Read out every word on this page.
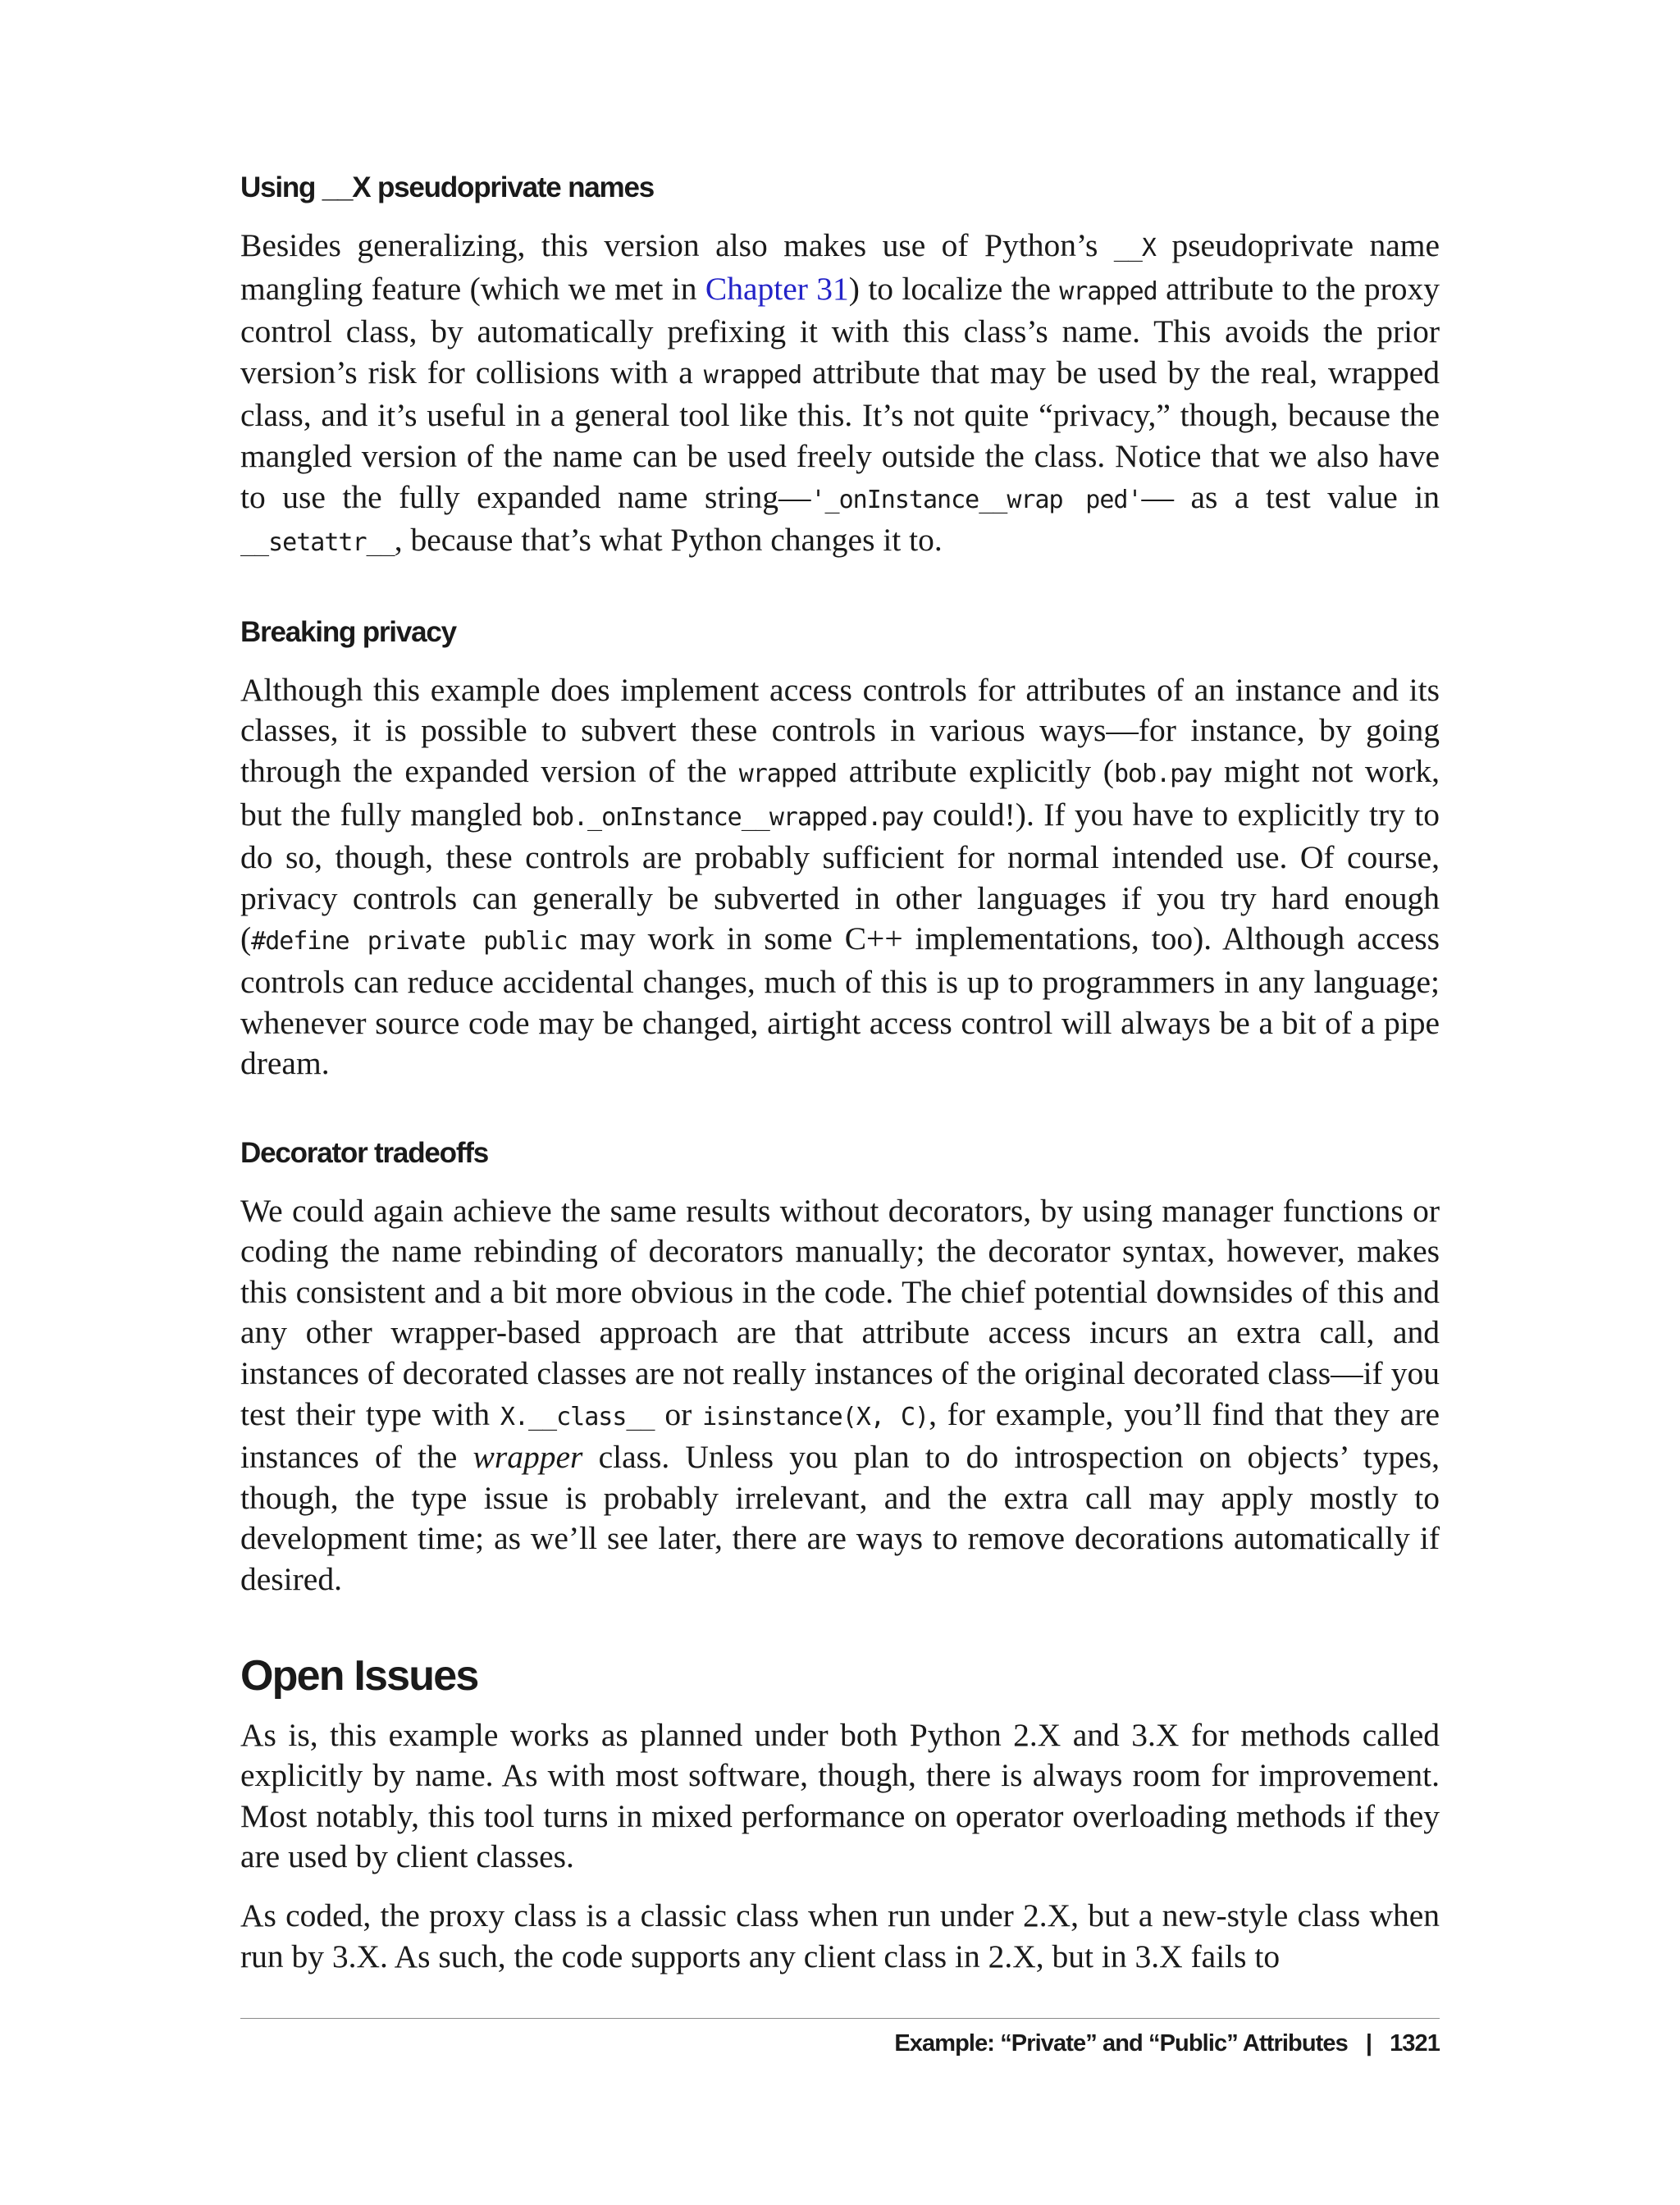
Using __X pseudoprivate names

Besides generalizing, this version also makes use of Python’s __X pseudoprivate name mangling feature (which we met in Chapter 31) to localize the wrapped attribute to the proxy control class, by automatically prefixing it with this class’s name. This avoids the prior version’s risk for collisions with a wrapped attribute that may be used by the real, wrapped class, and it’s useful in a general tool like this. It’s not quite “privacy,” though, because the mangled version of the name can be used freely outside the class. Notice that we also have to use the fully expanded name string—'_onInstance__wrap ped'— as a test value in __setattr__, because that’s what Python changes it to.

Breaking privacy

Although this example does implement access controls for attributes of an instance and its classes, it is possible to subvert these controls in various ways—for instance, by going through the expanded version of the wrapped attribute explicitly (bob.pay might not work, but the fully mangled bob._onInstance__wrapped.pay could!). If you have to explicitly try to do so, though, these controls are probably sufficient for normal intended use. Of course, privacy controls can generally be subverted in other languages if you try hard enough (#define private public may work in some C++ implementations, too). Although access controls can reduce accidental changes, much of this is up to programmers in any language; whenever source code may be changed, airtight access control will always be a bit of a pipe dream.

Decorator tradeoffs

We could again achieve the same results without decorators, by using manager functions or coding the name rebinding of decorators manually; the decorator syntax, however, makes this consistent and a bit more obvious in the code. The chief potential downsides of this and any other wrapper-based approach are that attribute access incurs an extra call, and instances of decorated classes are not really instances of the original decorated class—if you test their type with X.__class__ or isinstance(X, C), for example, you’ll find that they are instances of the wrapper class. Unless you plan to do introspection on objects’ types, though, the type issue is probably irrelevant, and the extra call may apply mostly to development time; as we’ll see later, there are ways to remove decorations automatically if desired.

Open Issues

As is, this example works as planned under both Python 2.X and 3.X for methods called explicitly by name. As with most software, though, there is always room for improvement. Most notably, this tool turns in mixed performance on operator overloading methods if they are used by client classes.

As coded, the proxy class is a classic class when run under 2.X, but a new-style class when run by 3.X. As such, the code supports any client class in 2.X, but in 3.X fails to

Example: “Private” and “Public” Attributes | 1321
